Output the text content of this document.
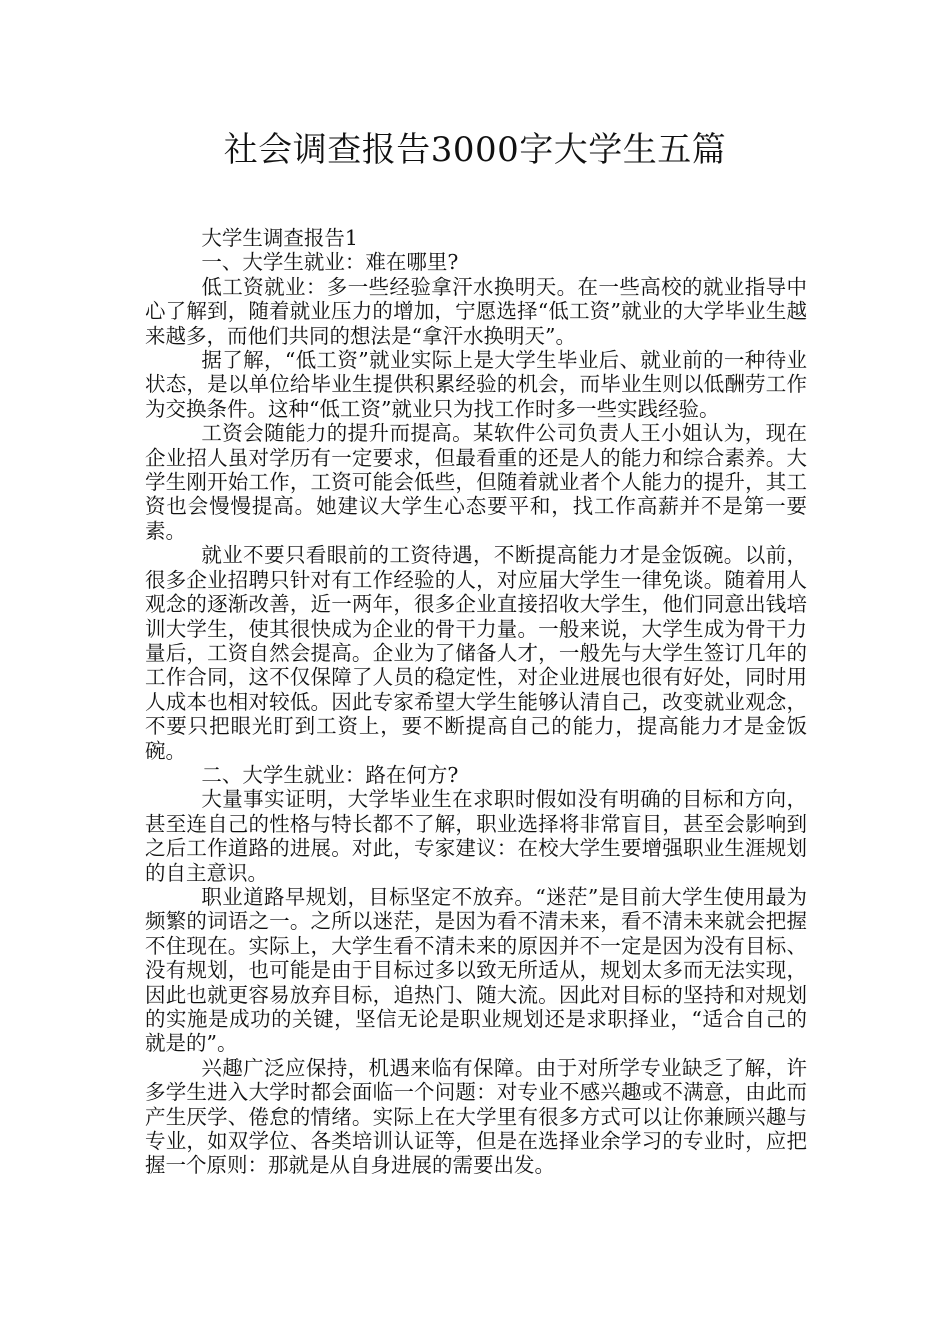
社会调查报告3000字大学生五篇

大学生调查报告1

一、大学生就业：难在哪里?

低工资就业：多一些经验拿汗水换明天。在一些高校的就业指导中心了解到，随着就业压力的增加，宁愿选择“低工资”就业的大学毕业生越来越多，而他们共同的想法是“拿汗水换明天”。

据了解，“低工资”就业实际上是大学生毕业后、就业前的一种待业状态，是以单位给毕业生提供积累经验的机会，而毕业生则以低酬劳工作为交换条件。这种“低工资”就业只为找工作时多一些实践经验。

工资会随能力的提升而提高。某软件公司负责人王小姐认为，现在企业招人虽对学历有一定要求，但最看重的还是人的能力和综合素养。大学生刚开始工作，工资可能会低些，但随着就业者个人能力的提升，其工资也会慢慢提高。她建议大学生心态要平和，找工作高薪并不是第一要素。

就业不要只看眼前的工资待遇，不断提高能力才是金饭碗。以前，很多企业招聘只针对有工作经验的人，对应届大学生一律免谈。随着用人观念的逐渐改善，近一两年，很多企业直接招收大学生，他们同意出钱培训大学生，使其很快成为企业的骨干力量。一般来说，大学生成为骨干力量后，工资自然会提高。企业为了储备人才，一般先与大学生签订几年的工作合同，这不仅保障了人员的稳定性，对企业进展也很有好处，同时用人成本也相对较低。因此专家希望大学生能够认清自己，改变就业观念，不要只把眼光盯到工资上，要不断提高自己的能力，提高能力才是金饭碗。

二、大学生就业：路在何方?

大量事实证明，大学毕业生在求职时假如没有明确的目标和方向，甚至连自己的性格与特长都不了解，职业选择将非常盲目，甚至会影响到之后工作道路的进展。对此，专家建议：在校大学生要增强职业生涯规划的自主意识。

职业道路早规划，目标坚定不放弃。“迷茫”是目前大学生使用最为频繁的词语之一。之所以迷茫，是因为看不清未来，看不清未来就会把握不住现在。实际上，大学生看不清未来的原因并不一定是因为没有目标、没有规划，也可能是由于目标过多以致无所适从，规划太多而无法实现，因此也就更容易放弃目标，追热门、随大流。因此对目标的坚持和对规划的实施是成功的关键，坚信无论是职业规划还是求职择业，“适合自己的就是的”。

兴趣广泛应保持，机遇来临有保障。由于对所学专业缺乏了解，许多学生进入大学时都会面临一个问题：对专业不感兴趣或不满意，由此而产生厌学、倦怠的情绪。实际上在大学里有很多方式可以让你兼顾兴趣与专业，如双学位、各类培训认证等，但是在选择业余学习的专业时，应把握一个原则：那就是从自身进展的需要出发。
